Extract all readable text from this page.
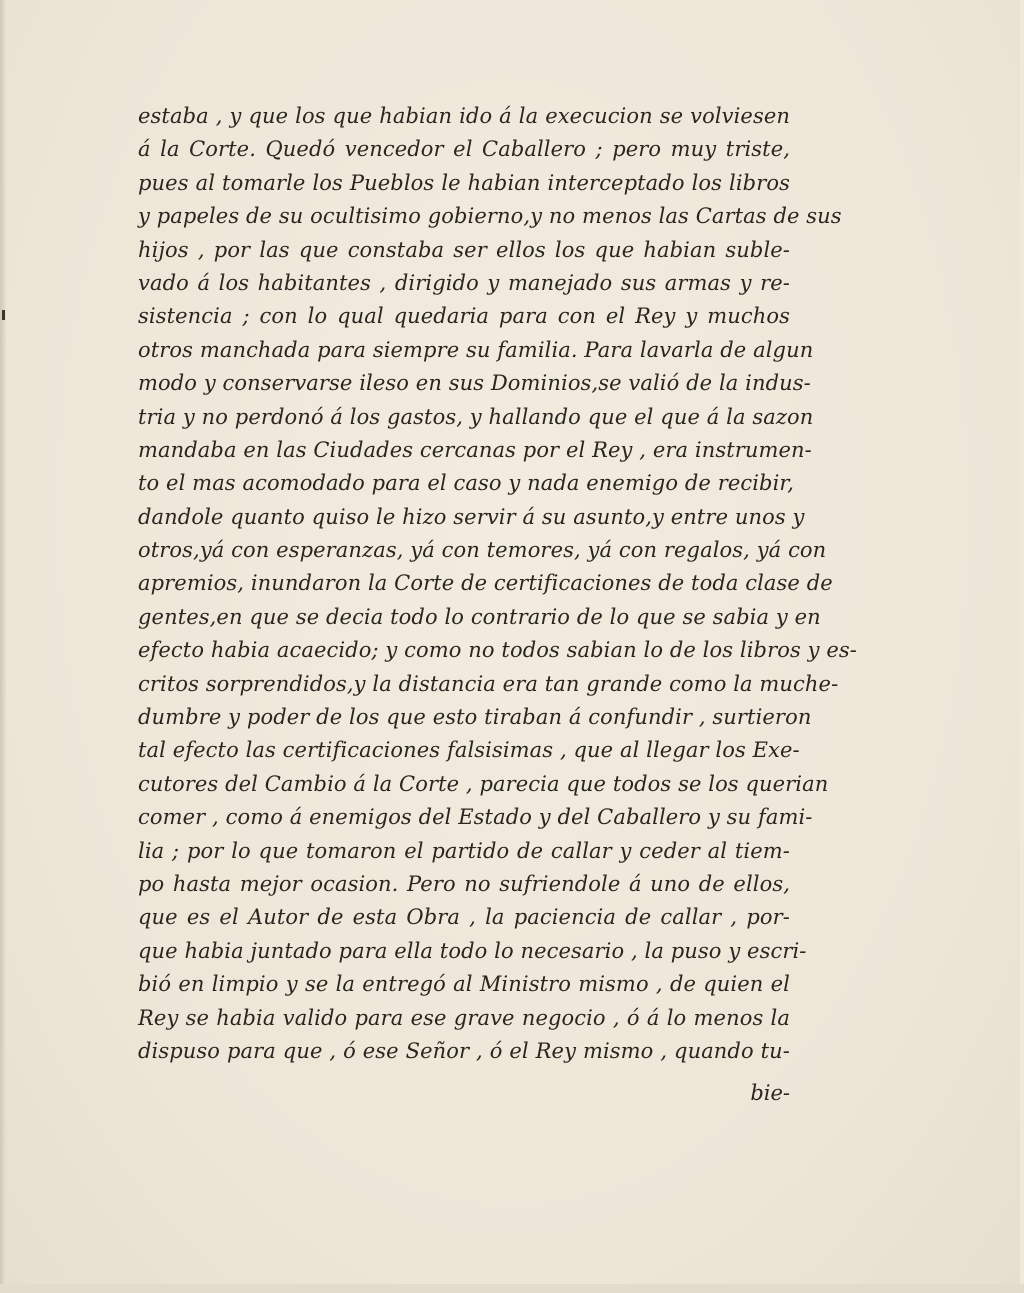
estaba , y que los que habian ido á la execucion se volviesen
á la Corte. Quedó vencedor el Caballero ; pero muy triste,
pues al tomarle los Pueblos le habian interceptado los libros
y papeles de su ocultisimo gobierno,y no menos las Cartas de sus
hijos , por las que constaba ser ellos los que habian suble-
vado á los habitantes , dirigido y manejado sus armas y re-
sistencia ; con lo qual quedaria para con el Rey y muchos
otros manchada para siempre su familia. Para lavarla de algun
modo y conservarse ileso en sus Dominios,se valió de la indus-
tria y no perdonó á los gastos, y hallando que el que á la sazon
mandaba en las Ciudades cercanas por el Rey , era instrumen-
to el mas acomodado para el caso y nada enemigo de recibir,
dandole quanto quiso le hizo servir á su asunto,y entre unos y
otros,yá con esperanzas, yá con temores, yá con regalos, yá con
apremios, inundaron la Corte de certificaciones de toda clase de
gentes,en que se decia todo lo contrario de lo que se sabia y en
efecto habia acaecido; y como no todos sabian lo de los libros y es-
critos sorprendidos,y la distancia era tan grande como la muche-
dumbre y poder de los que esto tiraban á confundir , surtieron
tal efecto las certificaciones falsisimas , que al llegar los Exe-
cutores del Cambio á la Corte , parecia que todos se los querian
comer , como á enemigos del Estado y del Caballero y su fami-
lia ; por lo que tomaron el partido de callar y ceder al tiem-
po hasta mejor ocasion. Pero no sufriendole á uno de ellos,
que es el Autor de esta Obra , la paciencia de callar , por-
que habia juntado para ella todo lo necesario , la puso y escri-
bió en limpio y se la entregó al Ministro mismo , de quien el
Rey se habia valido para ese grave negocio , ó á lo menos la
dispuso para que , ó ese Señor , ó el Rey mismo , quando tu-
bie-
